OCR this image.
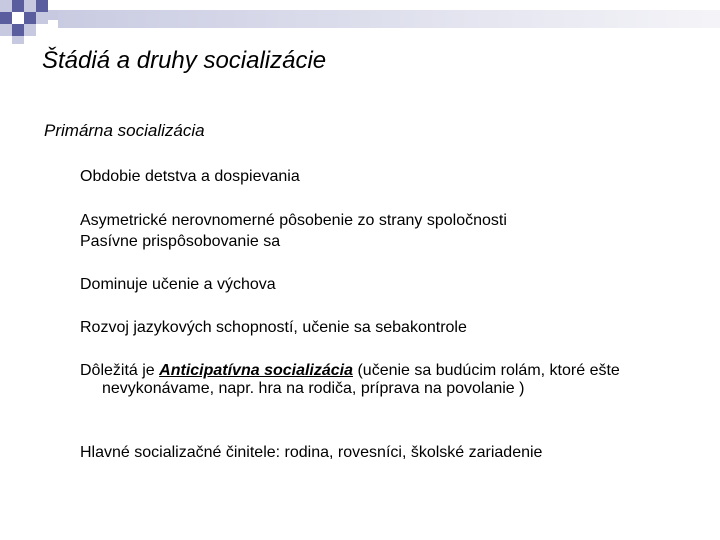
Štádiá a druhy socializácie
Primárna socializácia
Obdobie detstva a dospievania
Asymetrické nerovnomerné pôsobenie zo strany spoločnosti
Pasívne prispôsobovanie sa
Dominuje učenie a výchova
Rozvoj jazykových schopností, učenie sa sebakontrole
Dôležitá je Anticipatívna socializácia (učenie sa budúcim rolám, ktoré ešte
nevykonávame, napr. hra na rodiča, príprava na povolanie )
Hlavné socializačné činitele: rodina, rovesníci, školské zariadenie
